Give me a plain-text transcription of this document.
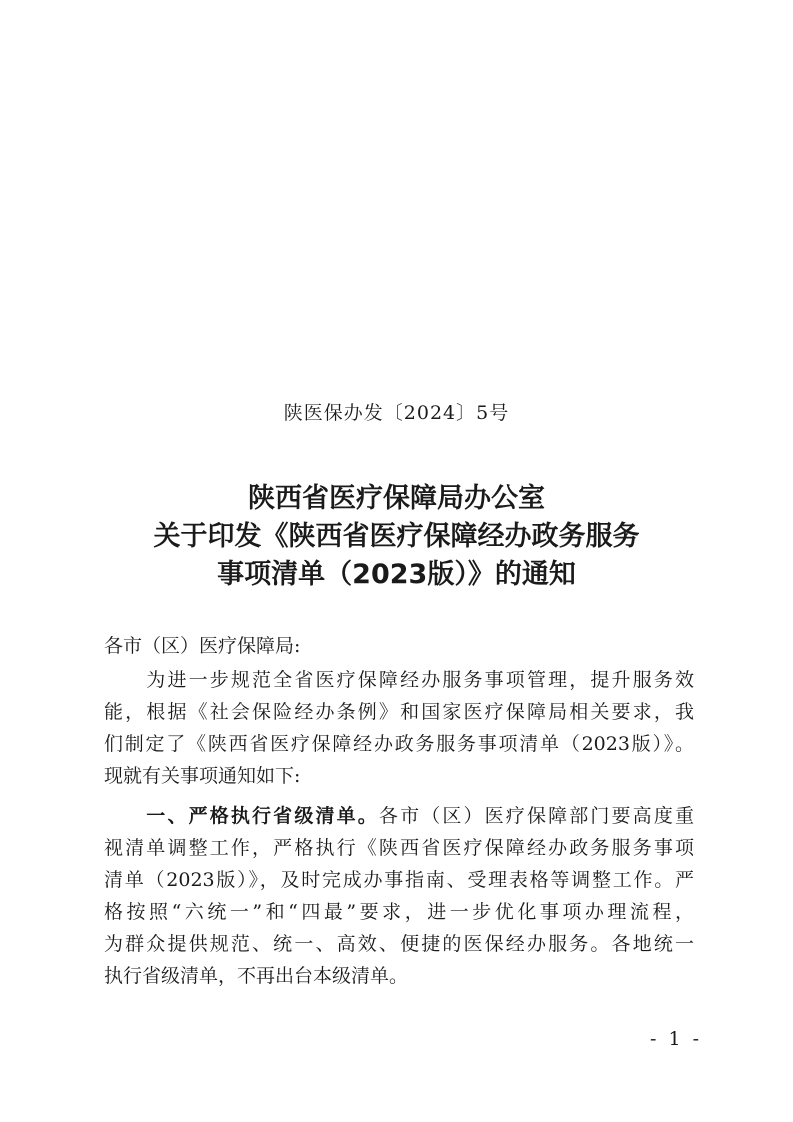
陕医保办发〔2024〕5号
陕西省医疗保障局办公室
关于印发《陕西省医疗保障经办政务服务
事项清单（2023版）》的通知
各市（区）医疗保障局:
　　为进一步规范全省医疗保障经办服务事项管理，提升服务效
能，根据《社会保险经办条例》和国家医疗保障局相关要求，我
们制定了《陕西省医疗保障经办政务服务事项清单（2023版）》。
现就有关事项通知如下:
　　一、严格执行省级清单。各市（区）医疗保障部门要高度重
视清单调整工作，严格执行《陕西省医疗保障经办政务服务事项
清单（2023版）》，及时完成办事指南、受理表格等调整工作。严
格按照“六统一”和“四最”要求，进一步优化事项办理流程，
为群众提供规范、统一、高效、便捷的医保经办服务。各地统一
执行省级清单，不再出台本级清单。
- 1 -
